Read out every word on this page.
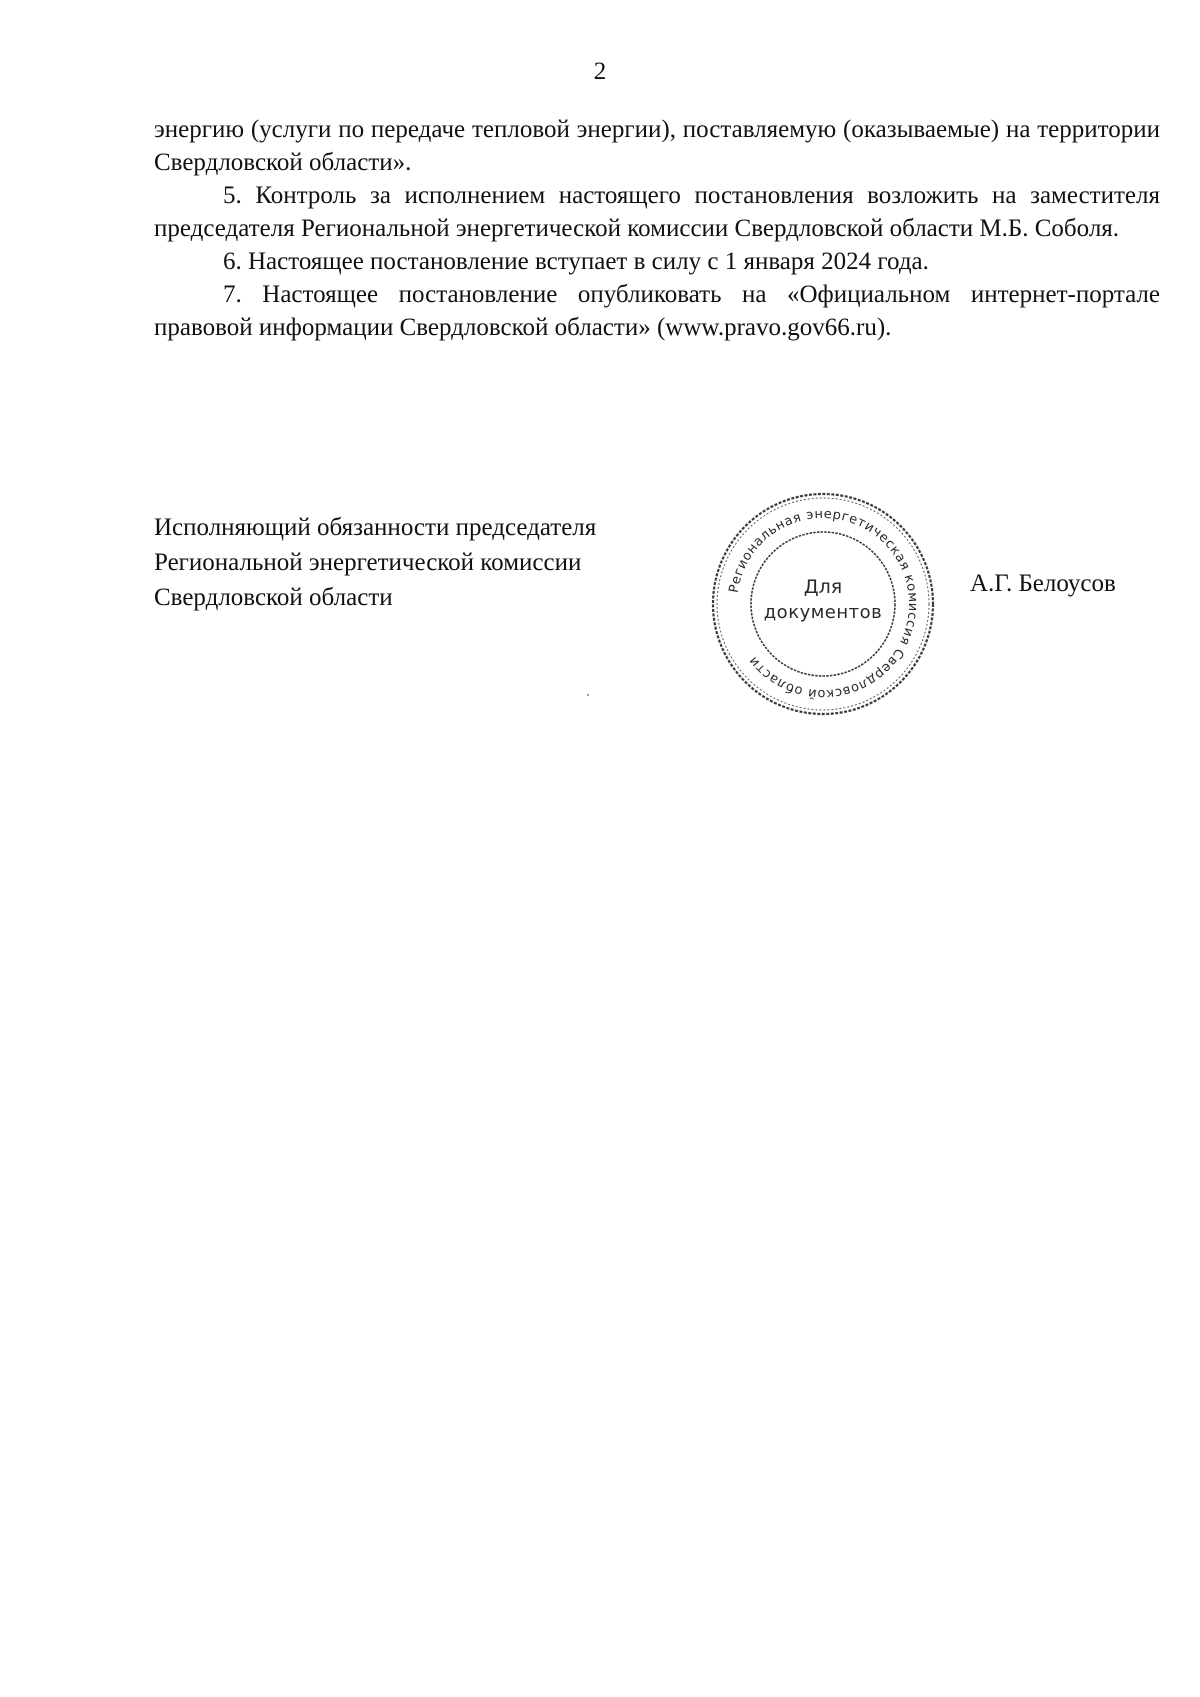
2

энергию (услуги по передаче тепловой энергии), поставляемую (оказываемые) на территории Свердловской области».

5. Контроль за исполнением настоящего постановления возложить на заместителя председателя Региональной энергетической комиссии Свердловской области М.Б. Соболя.

6. Настоящее постановление вступает в силу с 1 января 2024 года.

7. Настоящее постановление опубликовать на «Официальном интернет-портале правовой информации Свердловской области» (www.pravo.gov66.ru).

Исполняющий обязанности председателя
Региональной энергетической комиссии
Свердловской области	Региональная энергетическая комиссия Свердловской области
Для
документов
А.Г. Белоусов
